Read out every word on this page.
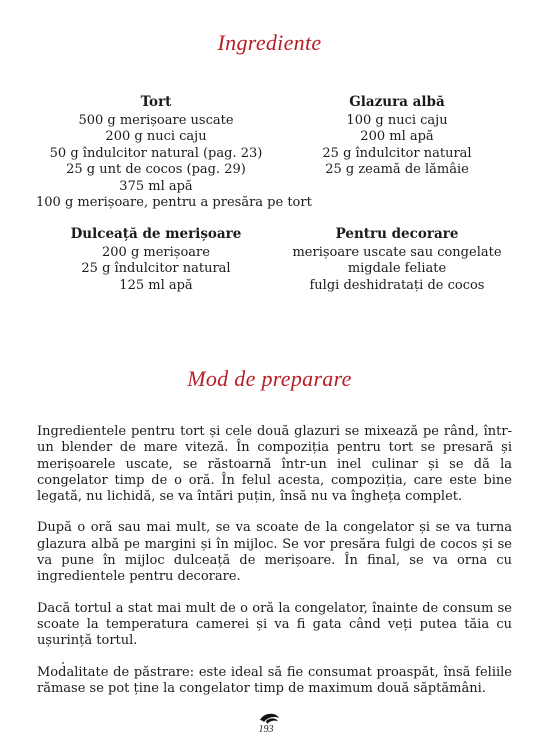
Ingrediente
Tort
500 g merișoare uscate
200 g nuci caju
50 g îndulcitor natural (pag. 23)
25 g unt de cocos (pag. 29)
375 ml apă
100 g merișoare, pentru a presăra pe tort
Glazura albă
100 g nuci caju
200 ml apă
25 g îndulcitor natural
25 g zeamă de lămâie
Dulceață de merișoare
200 g merișoare
25 g îndulcitor natural
125 ml apă
Pentru decorare
merișoare uscate sau congelate
migdale feliate
fulgi deshidratați de cocos
Mod de preparare

Ingredientele pentru tort și cele două glazuri se mixează pe rând, într-un blender de mare viteză. În compoziția pentru tort se presară și merișoarele uscate, se răstoarnă într-un inel culinar și se dă la congelator timp de o oră. În felul acesta, compoziția, care este bine legată, nu lichidă, se va întări puțin, însă nu va îngheța complet.

După o oră sau mai mult, se va scoate de la congelator și se va turna glazura albă pe margini și în mijloc. Se vor presăra fulgi de cocos și se va pune în mijloc dulceață de merișoare. În final, se va orna cu ingredientele pentru decorare.

Dacă tortul a stat mai mult de o oră la congelator, înainte de consum se scoate la temperatura camerei și va fi gata când veți putea tăia cu ușurință tortul.

Modalitate de păstrare: este ideal să fie consumat proaspăt, însă feliile rămase se pot ține la congelator timp de maximum două săptămâni.

193
